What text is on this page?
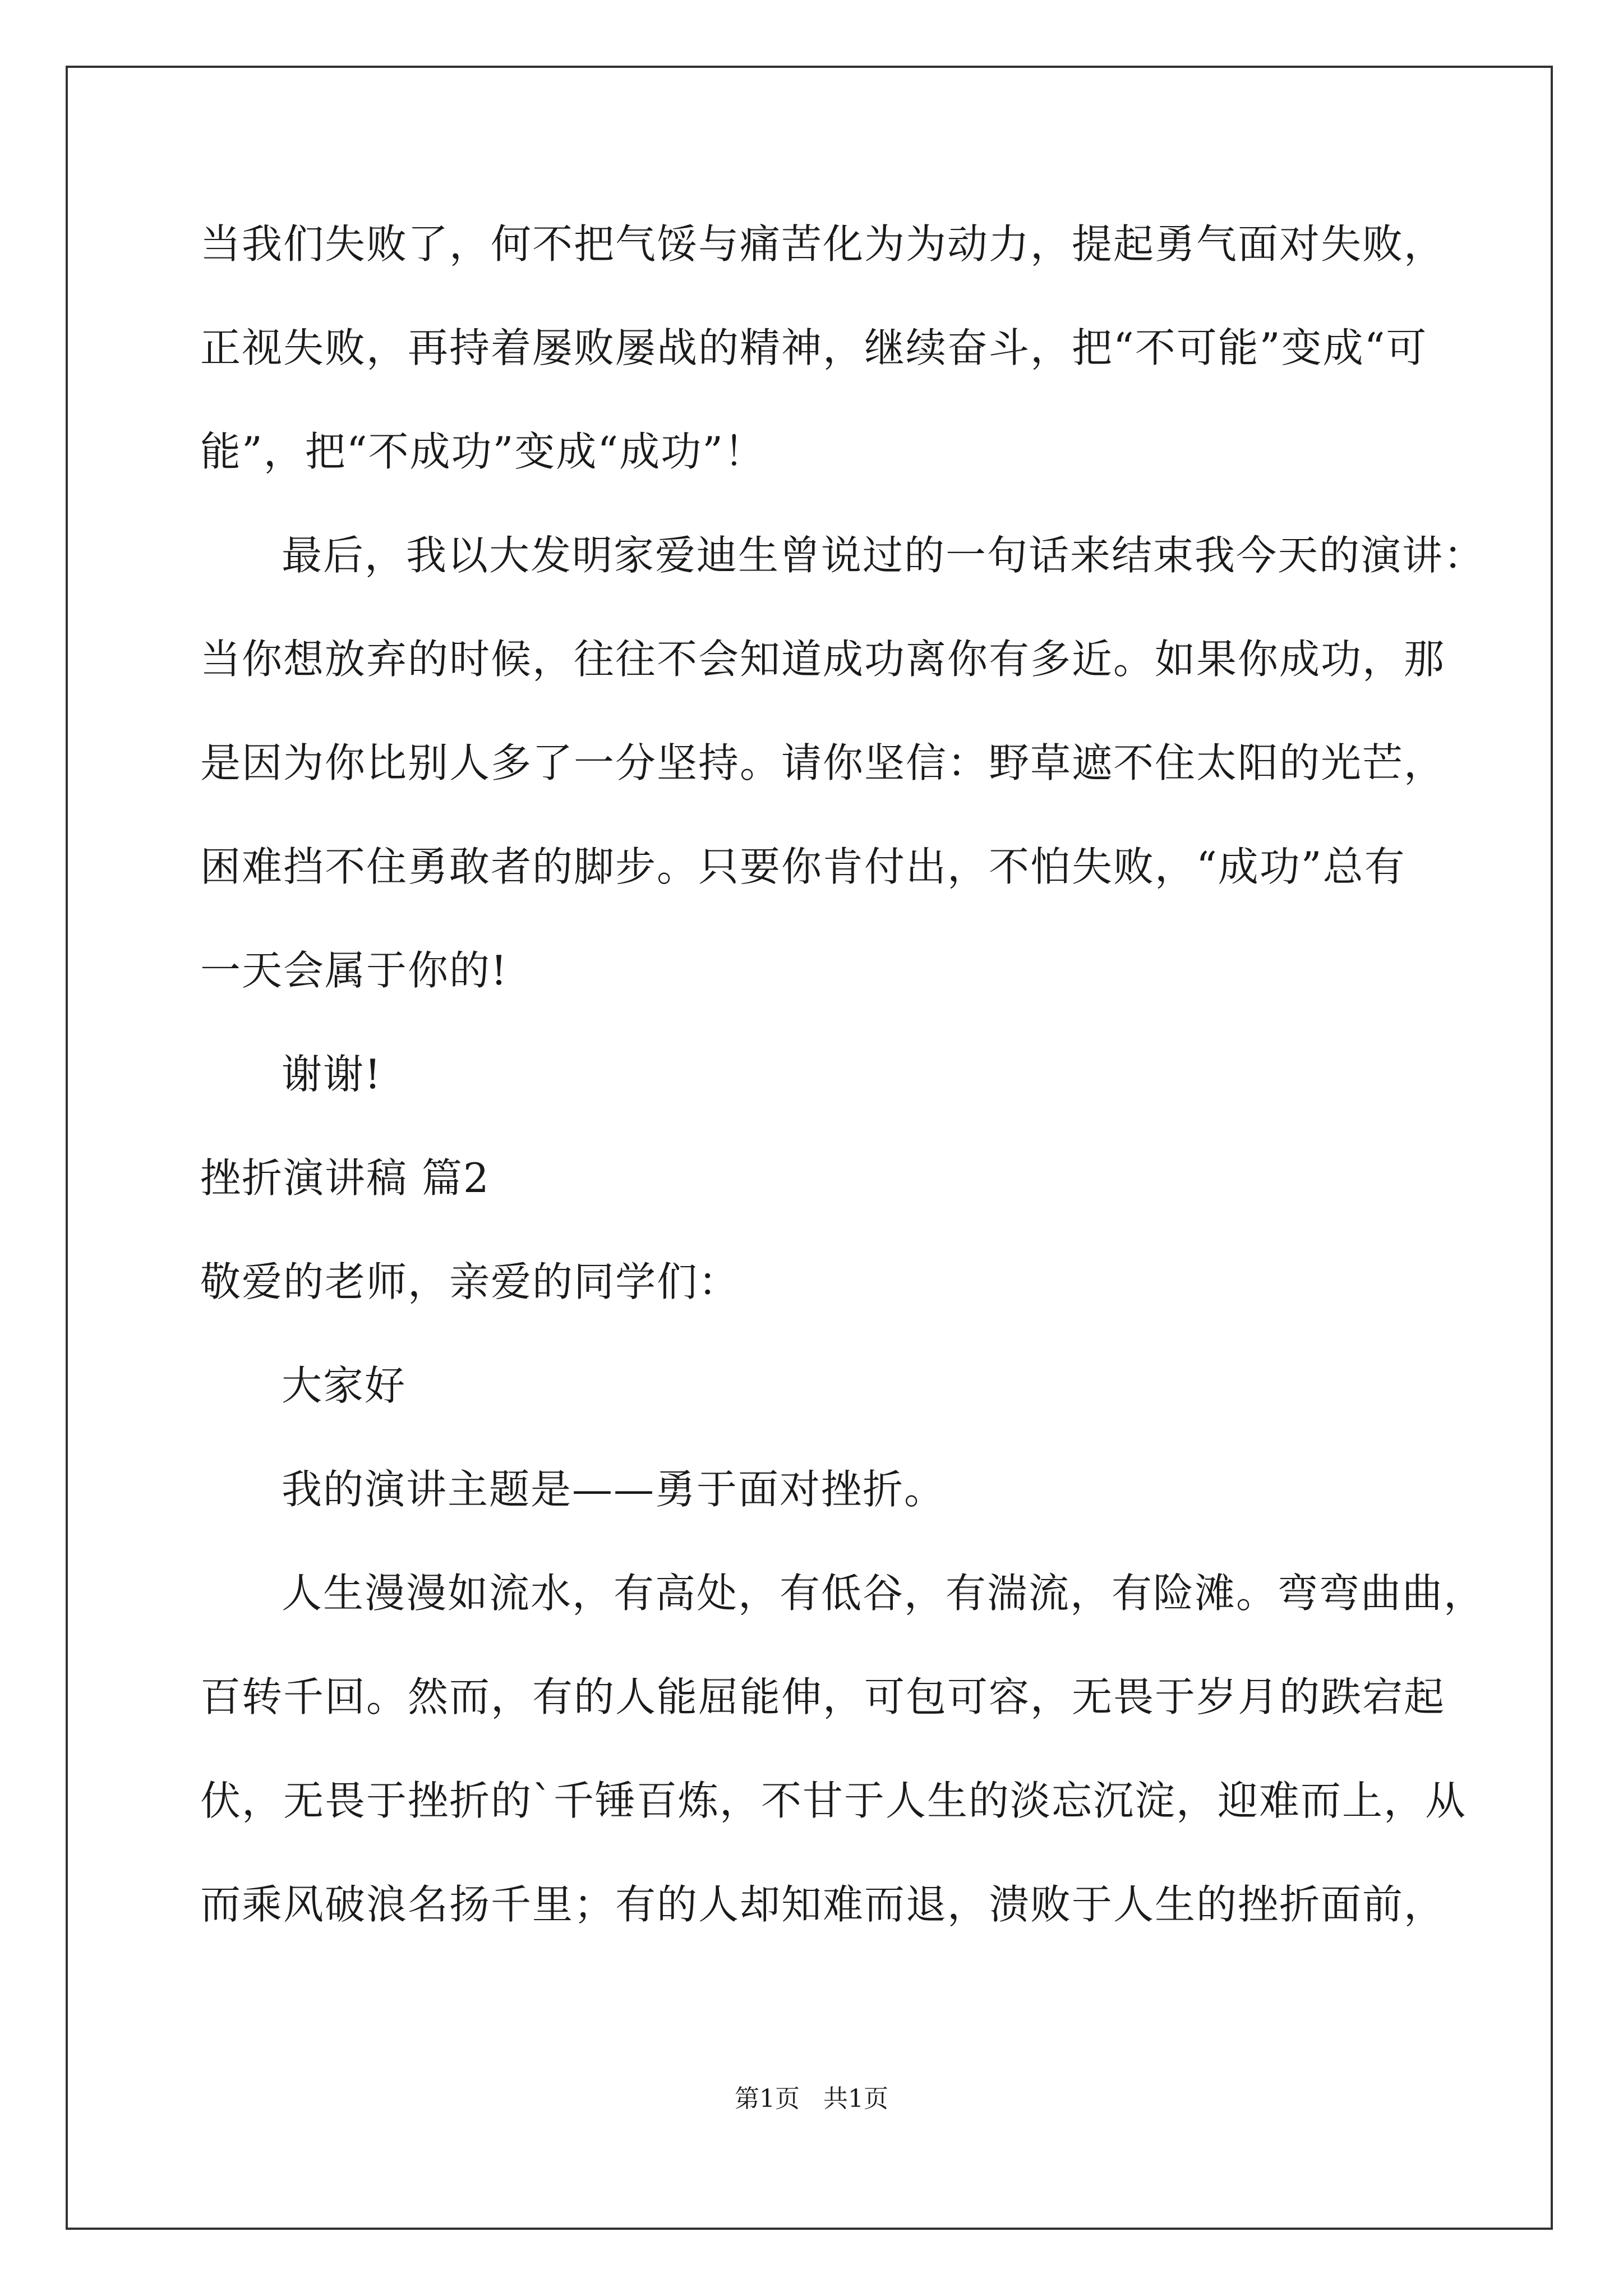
当我们失败了，何不把气馁与痛苦化为为动力，提起勇气面对失败，
正视失败，再持着屡败屡战的精神，继续奋斗，把“不可能”变成“可
能”，把“不成功”变成“成功”！
最后，我以大发明家爱迪生曾说过的一句话来结束我今天的演讲：
当你想放弃的时候，往往不会知道成功离你有多近。如果你成功，那
是因为你比别人多了一分坚持。请你坚信：野草遮不住太阳的光芒，
困难挡不住勇敢者的脚步。只要你肯付出，不怕失败，“成功”总有
一天会属于你的!
谢谢!
挫折演讲稿 篇2
敬爱的老师，亲爱的同学们：
大家好
我的演讲主题是——勇于面对挫折。
人生漫漫如流水，有高处，有低谷，有湍流，有险滩。弯弯曲曲，
百转千回。然而，有的人能屈能伸，可包可容，无畏于岁月的跌宕起
伏，无畏于挫折的`千锤百炼，不甘于人生的淡忘沉淀，迎难而上，从
而乘风破浪名扬千里；有的人却知难而退，溃败于人生的挫折面前，
第1页   共1页
